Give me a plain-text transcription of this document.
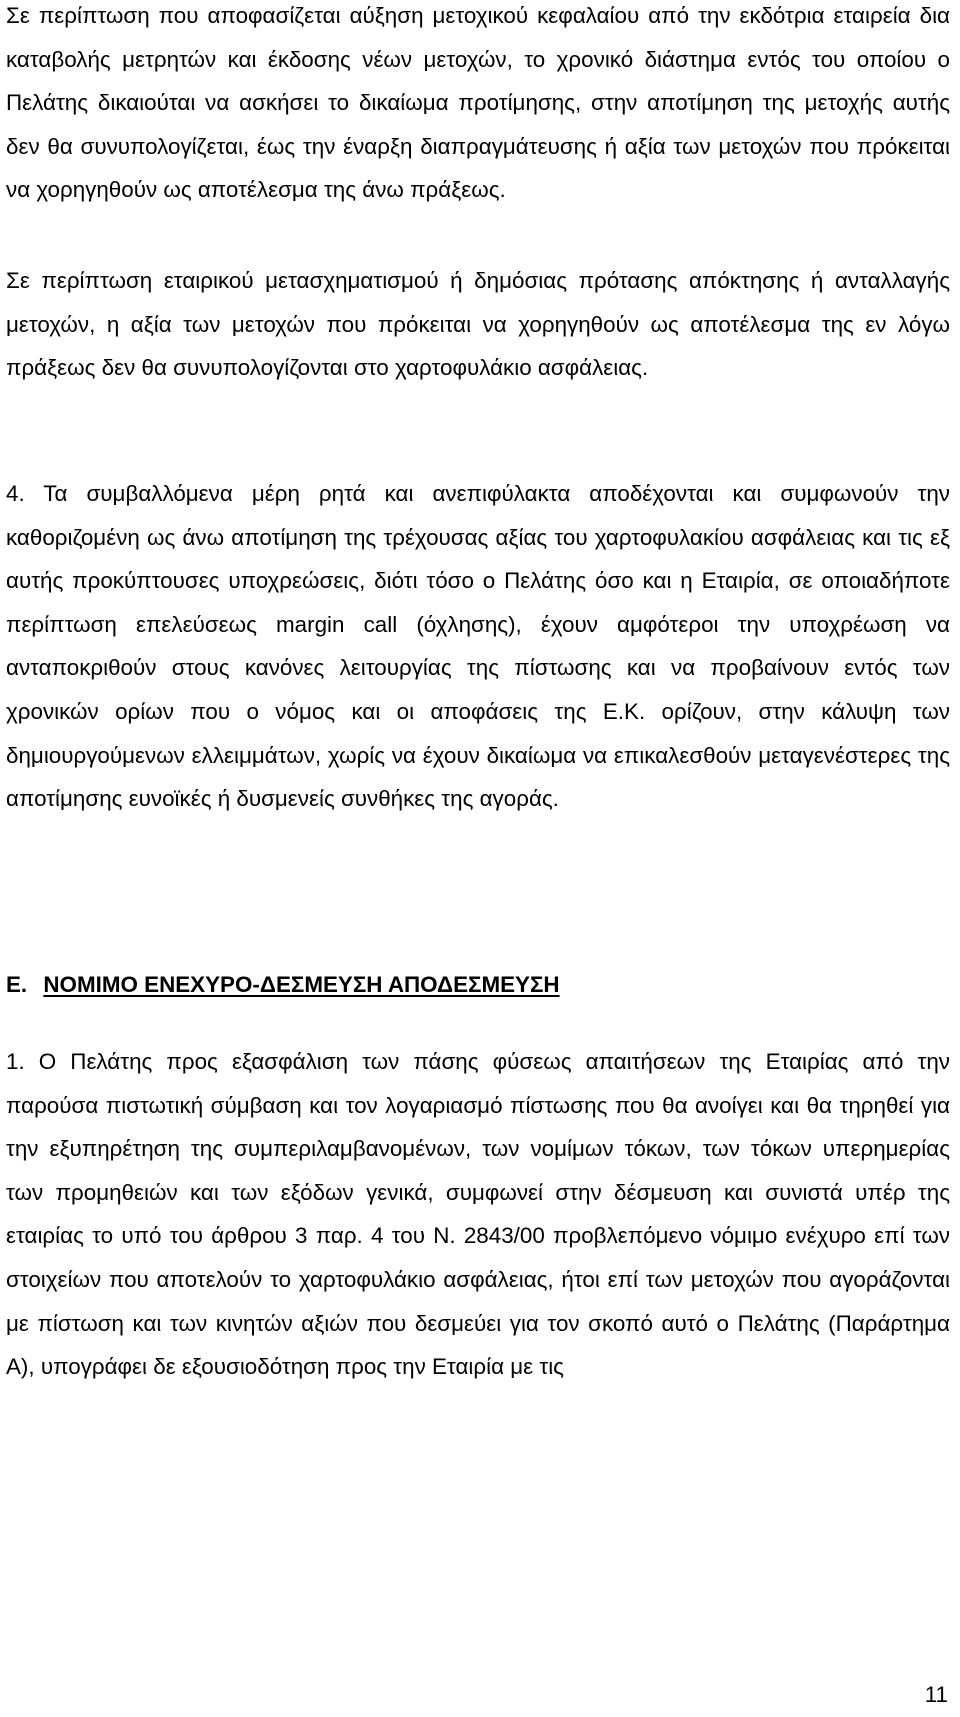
Σε περίπτωση που αποφασίζεται αύξηση μετοχικού κεφαλαίου από την εκδότρια εταιρεία δια καταβολής μετρητών και έκδοσης νέων μετοχών, το χρονικό διάστημα εντός του οποίου ο Πελάτης δικαιούται να ασκήσει το δικαίωμα προτίμησης, στην αποτίμηση της μετοχής αυτής δεν θα συνυπολογίζεται, έως την έναρξη διαπραγμάτευσης ή αξία των μετοχών που πρόκειται να χορηγηθούν ως αποτέλεσμα της άνω πράξεως.

Σε περίπτωση εταιρικού μετασχηματισμού ή δημόσιας πρότασης απόκτησης ή ανταλλαγής μετοχών, η αξία των μετοχών που πρόκειται να χορηγηθούν ως αποτέλεσμα της εν λόγω πράξεως δεν θα συνυπολογίζονται στο χαρτοφυλάκιο ασφάλειας.

4. Τα συμβαλλόμενα μέρη ρητά και ανεπιφύλακτα αποδέχονται και συμφωνούν την καθοριζομένη ως άνω αποτίμηση της τρέχουσας αξίας του χαρτοφυλακίου ασφάλειας και τις εξ αυτής προκύπτουσες υποχρεώσεις, διότι τόσο ο Πελάτης όσο και η Εταιρία, σε οποιαδήποτε περίπτωση επελεύσεως margin call (όχλησης), έχουν αμφότεροι την υποχρέωση να ανταποκριθούν στους κανόνες λειτουργίας της πίστωσης και να προβαίνουν εντός των χρονικών ορίων που ο νόμος και οι αποφάσεις της Ε.Κ. ορίζουν, στην κάλυψη των δημιουργούμενων ελλειμμάτων, χωρίς να έχουν δικαίωμα να επικαλεσθούν μεταγενέστερες της αποτίμησης ευνοϊκές ή δυσμενείς συνθήκες της αγοράς.

Ε. ΝΟΜΙΜΟ ΕΝΕΧΥΡΟ-ΔΕΣΜΕΥΣΗ ΑΠΟΔΕΣΜΕΥΣΗ

1. Ο Πελάτης προς εξασφάλιση των πάσης φύσεως απαιτήσεων της Εταιρίας από την παρούσα πιστωτική σύμβαση και τον λογαριασμό πίστωσης που θα ανοίγει και θα τηρηθεί για την εξυπηρέτηση της συμπεριλαμβανομένων, των νομίμων τόκων, των τόκων υπερημερίας των προμηθειών και των εξόδων γενικά, συμφωνεί στην δέσμευση και συνιστά υπέρ της εταιρίας το υπό του άρθρου 3 παρ. 4 του Ν. 2843/00 προβλεπόμενο νόμιμο ενέχυρο επί των στοιχείων που αποτελούν το χαρτοφυλάκιο ασφάλειας, ήτοι επί των μετοχών που αγοράζονται με πίστωση και των κινητών αξιών που δεσμεύει για τον σκοπό αυτό ο Πελάτης (Παράρτημα Α), υπογράφει δε εξουσιοδότηση προς την Εταιρία με τις

11
